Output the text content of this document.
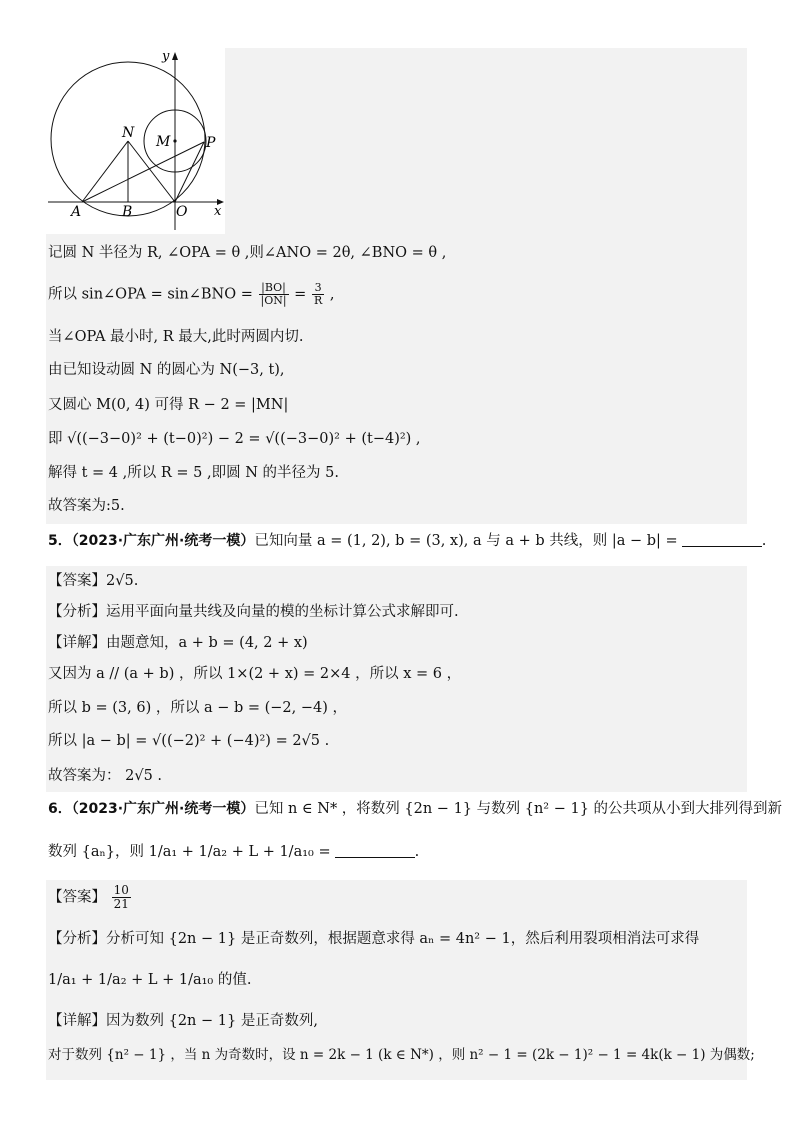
y
x
N
M	P
A	B	O
记圆 N 半径为 R, ∠OPA = θ ,则∠ANO = 2θ, ∠BNO = θ ,
所以 sin∠OPA = sin∠BNO = $\frac{|BO|}{|ON|} = \frac{3}{R}$ ,
当∠OPA 最小时, R 最大,此时两圆内切.
由已知设动圆 N 的圆心为 N(−3, t),
又圆心 M(0, 4) 可得 R − 2 = |MN|
即 √((−3−0)² + (t−0)²) − 2 = √((−3−0)² + (t−4)²) ,
解得 t = 4 ,所以 R = 5 ,即圆 N 的半径为 5.
故答案为:5.
5．（2023·广东广州·统考一模）已知向量 a = (1, 2), b = (3, x), a 与 a + b 共线，则 |a − b| =	.
【答案】2√5.
【分析】运用平面向量共线及向量的模的坐标计算公式求解即可.
【详解】由题意知，a + b = (4, 2 + x)
又因为 a // (a + b) ，所以 1×(2 + x) = 2×4 ，所以 x = 6 ，
所以 b = (3, 6) ，所以 a − b = (−2, −4) ，
所以 |a − b| = √((−2)² + (−4)²) = 2√5 .
故答案为： 2√5 .
6．（2023·广东广州·统考一模）已知 n ∈ N* ，将数列 {2n − 1} 与数列 {n² − 1} 的公共项从小到大排列得到新
数列 {aₙ}，则 1/a₁ + 1/a₂ + L + 1/a₁₀ =	.
【答案】 $\frac{10}{21}$
【分析】分析可知 {2n − 1} 是正奇数列，根据题意求得 aₙ = 4n² − 1，然后利用裂项相消法可求得
1/a₁ + 1/a₂ + L + 1/a₁₀ 的值.
【详解】因为数列 {2n − 1} 是正奇数列,
对于数列 {n² − 1} ，当 n 为奇数时，设 n = 2k − 1 (k ∈ N*) ，则 n² − 1 = (2k − 1)² − 1 = 4k(k − 1) 为偶数;
